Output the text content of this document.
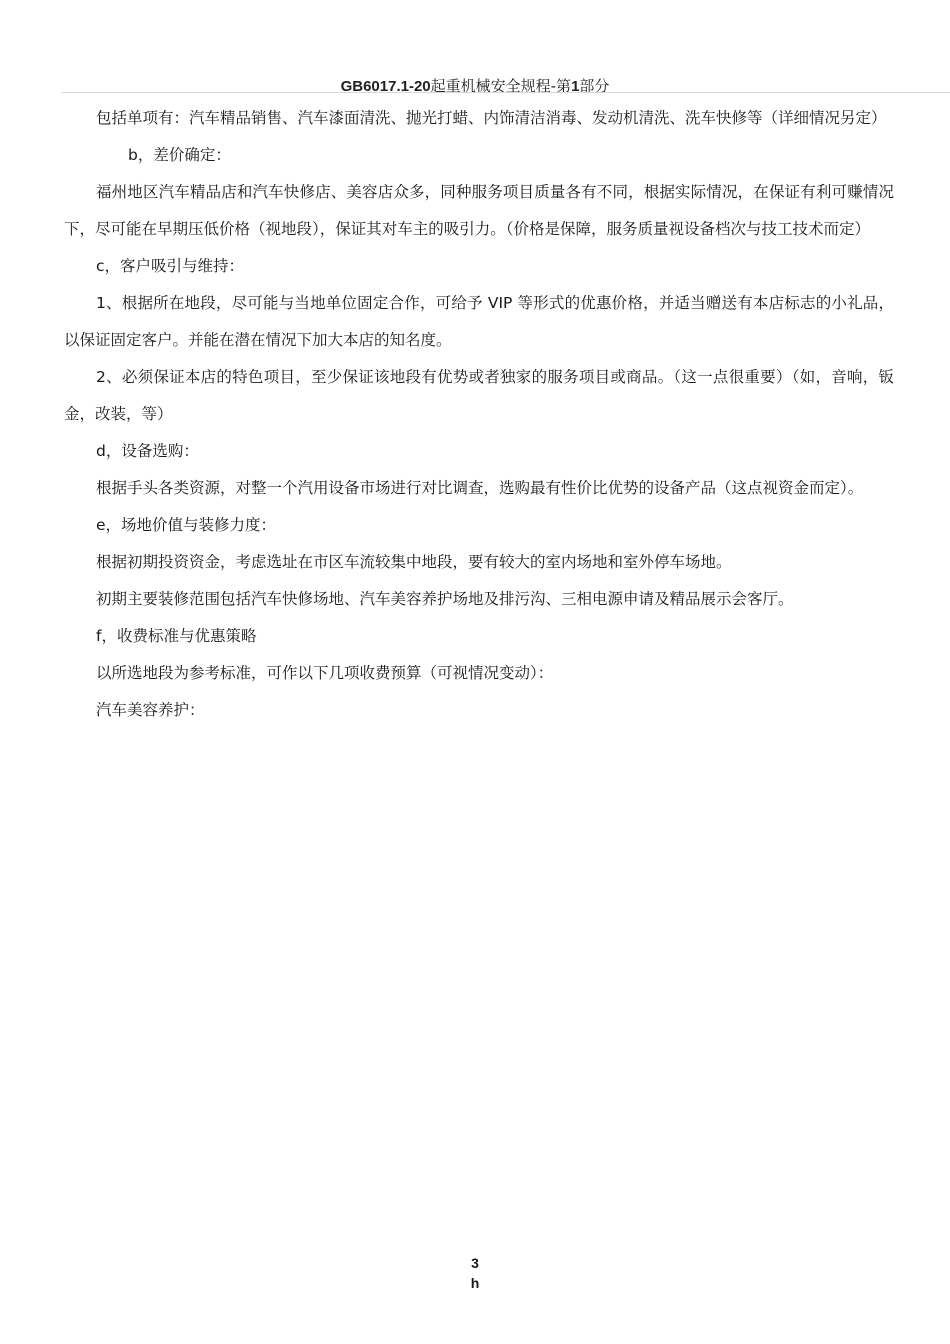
GB6017.1-20起重机械安全规程-第1部分

包括单项有：汽车精品销售、汽车漆面清洗、抛光打蜡、内饰清洁消毒、发动机清洗、洗车快修等（详细情况另定）

b，差价确定：

福州地区汽车精品店和汽车快修店、美容店众多，同种服务项目质量各有不同，根据实际情况，在保证有利可赚情况下，尽可能在早期压低价格（视地段），保证其对车主的吸引力。（价格是保障，服务质量视设备档次与技工技术而定）

c，客户吸引与维持：

1、根据所在地段，尽可能与当地单位固定合作，可给予 VIP 等形式的优惠价格，并适当赠送有本店标志的小礼品，以保证固定客户。并能在潜在情况下加大本店的知名度。

2、必须保证本店的特色项目，至少保证该地段有优势或者独家的服务项目或商品。（这一点很重要）（如，音响，钣金，改装，等）

d，设备选购：

根据手头各类资源，对整一个汽用设备市场进行对比调查，选购最有性价比优势的设备产品（这点视资金而定）。

e，场地价值与装修力度：

根据初期投资资金，考虑选址在市区车流较集中地段，要有较大的室内场地和室外停车场地。

初期主要装修范围包括汽车快修场地、汽车美容养护场地及排污沟、三相电源申请及精品展示会客厅。

f，收费标准与优惠策略

以所选地段为参考标准，可作以下几项收费预算（可视情况变动）：

汽车美容养护：

3
h
